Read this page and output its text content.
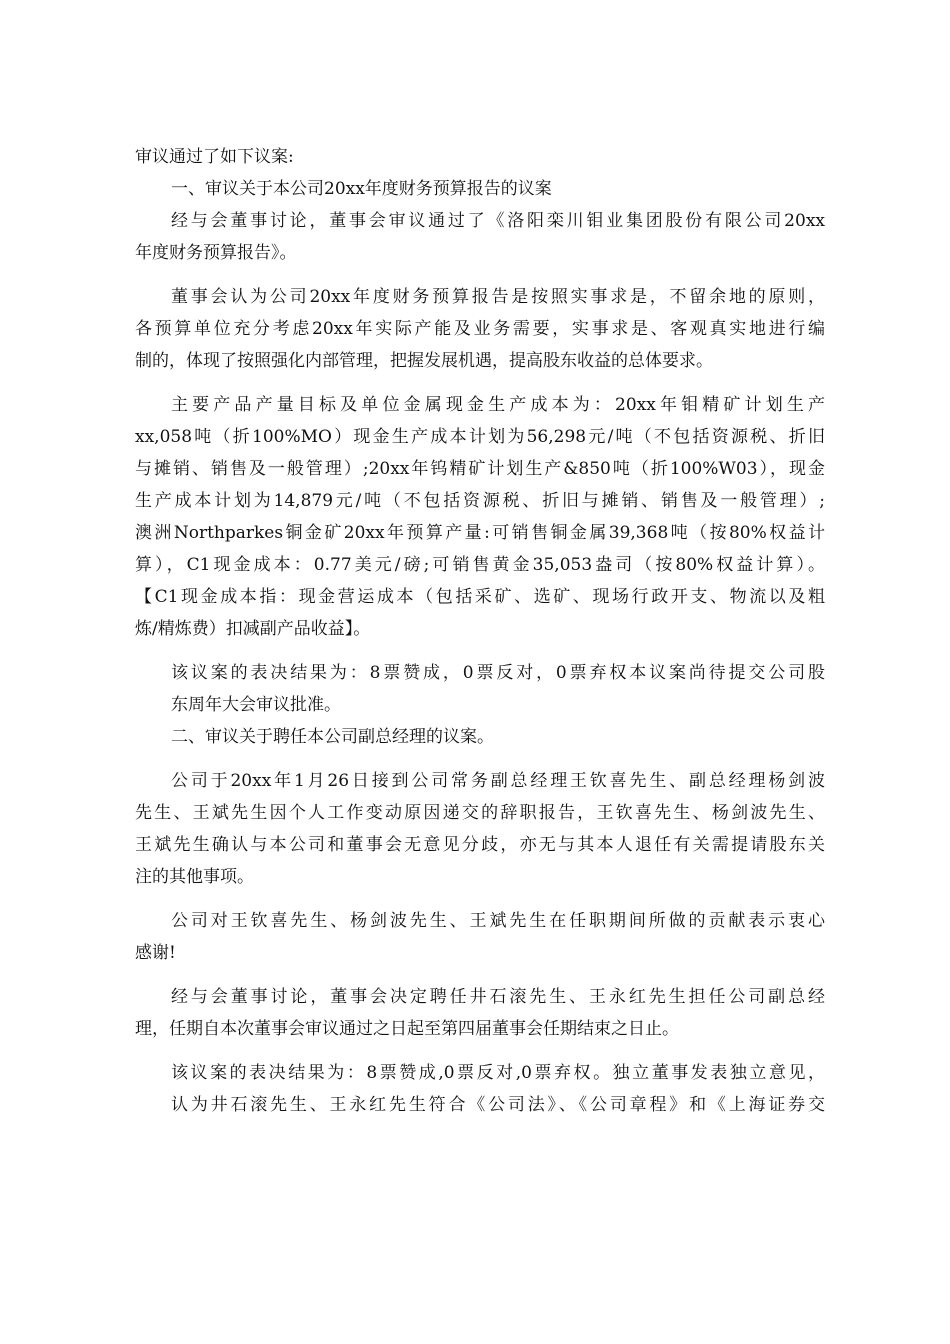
审议通过了如下议案:
一、审议关于本公司20xx年度财务预算报告的议案
经与会董事讨论，董事会审议通过了《洛阳栾川钼业集团股份有限公司20xx
年度财务预算报告》。
董事会认为公司20xx年度财务预算报告是按照实事求是，不留余地的原则，
各预算单位充分考虑20xx年实际产能及业务需要，实事求是、客观真实地进行编
制的，体现了按照强化内部管理，把握发展机遇，提高股东收益的总体要求。
主要产品产量目标及单位金属现金生产成本为：20xx年钼精矿计划生产
xx,058吨（折100%MO）现金生产成本计划为56,298元/吨（不包括资源税、折旧
与摊销、销售及一般管理）;20xx年钨精矿计划生产&850吨（折100%W03），现金
生产成本计划为14,879元/吨（不包括资源税、折旧与摊销、销售及一般管理）;
澳洲Northparkes铜金矿20xx年预算产量:可销售铜金属39,368吨（按80%权益计
算），C1现金成本：0.77美元/磅;可销售黄金35,053盎司（按80%权益计算）。
【C1现金成本指：现金营运成本（包括采矿、选矿、现场行政开支、物流以及粗
炼/精炼费）扣减副产品收益】。
该议案的表决结果为：8票赞成，0票反对，0票弃权本议案尚待提交公司股
东周年大会审议批准。
二、审议关于聘任本公司副总经理的议案。
公司于20xx年1月26日接到公司常务副总经理王钦喜先生、副总经理杨剑波
先生、王斌先生因个人工作变动原因递交的辞职报告，王钦喜先生、杨剑波先生、
王斌先生确认与本公司和董事会无意见分歧，亦无与其本人退任有关需提请股东关
注的其他事项。
公司对王钦喜先生、杨剑波先生、王斌先生在任职期间所做的贡献表示衷心
感谢!
经与会董事讨论，董事会决定聘任井石滚先生、王永红先生担任公司副总经
理，任期自本次董事会审议通过之日起至第四届董事会任期结束之日止。
该议案的表决结果为：8票赞成,0票反对,0票弃权。独立董事发表独立意见，
认为井石滚先生、王永红先生符合《公司法》、《公司章程》和《上海证券交
